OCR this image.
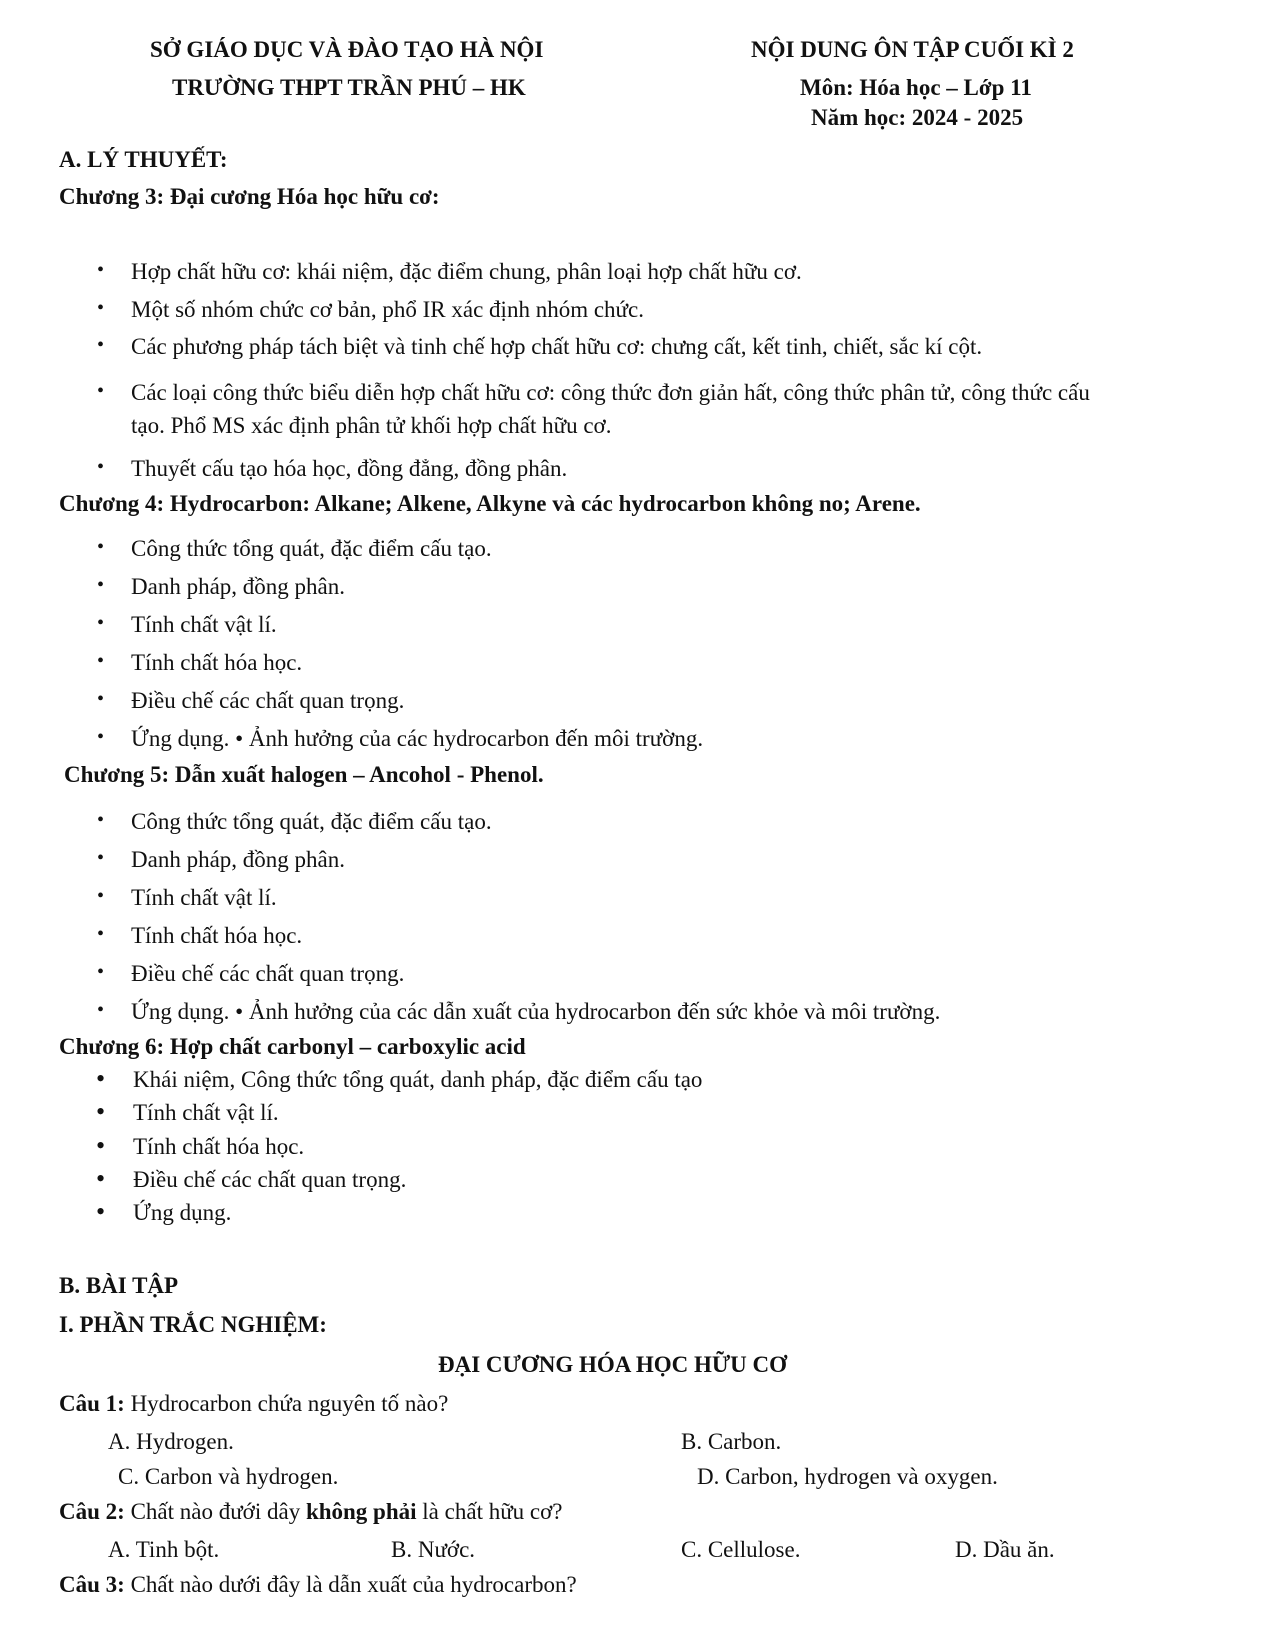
SỞ GIÁO DỤC VÀ ĐÀO TẠO HÀ NỘI
TRƯỜNG THPT TRẦN PHÚ – HK
NỘI DUNG ÔN TẬP CUỐI KÌ 2
Môn: Hóa học – Lớp 11
Năm học: 2024 - 2025
A. LÝ THUYẾT:
Chương 3: Đại cương Hóa học hữu cơ:
• Hợp chất hữu cơ: khái niệm, đặc điểm chung, phân loại hợp chất hữu cơ.
• Một số nhóm chức cơ bản, phổ IR xác định nhóm chức.
• Các phương pháp tách biệt và tinh chế hợp chất hữu cơ: chưng cất, kết tinh, chiết, sắc kí cột.
• Các loại công thức biểu diễn hợp chất hữu cơ: công thức đơn giản hất, công thức phân tử, công thức cấu
tạo. Phổ MS xác định phân tử khối hợp chất hữu cơ.
• Thuyết cấu tạo hóa học, đồng đẳng, đồng phân.
Chương 4: Hydrocarbon: Alkane; Alkene, Alkyne và các hydrocarbon không no; Arene.
• Công thức tổng quát, đặc điểm cấu tạo.
• Danh pháp, đồng phân.
• Tính chất vật lí.
• Tính chất hóa học.
• Điều chế các chất quan trọng.
• Ứng dụng. • Ảnh hưởng của các hydrocarbon đến môi trường.
Chương 5: Dẫn xuất halogen – Ancohol - Phenol.
• Công thức tổng quát, đặc điểm cấu tạo.
• Danh pháp, đồng phân.
• Tính chất vật lí.
• Tính chất hóa học.
• Điều chế các chất quan trọng.
• Ứng dụng. • Ảnh hưởng của các dẫn xuất của hydrocarbon đến sức khỏe và môi trường.
Chương 6: Hợp chất carbonyl – carboxylic acid
• Khái niệm, Công thức tổng quát, danh pháp, đặc điểm cấu tạo
• Tính chất vật lí.
• Tính chất hóa học.
• Điều chế các chất quan trọng.
• Ứng dụng.
B. BÀI TẬP
I. PHẦN TRẮC NGHIỆM:
ĐẠI CƯƠNG HÓA HỌC HỮU CƠ
Câu 1: Hydrocarbon chứa nguyên tố nào?
A. Hydrogen.	B. Carbon.
C. Carbon và hydrogen.	D. Carbon, hydrogen và oxygen.
Câu 2: Chất nào đưới dây không phải là chất hữu cơ?
A. Tinh bột.	B. Nước.	C. Cellulose.	D. Dầu ăn.
Câu 3: Chất nào dưới đây là dẫn xuất của hydrocarbon?
